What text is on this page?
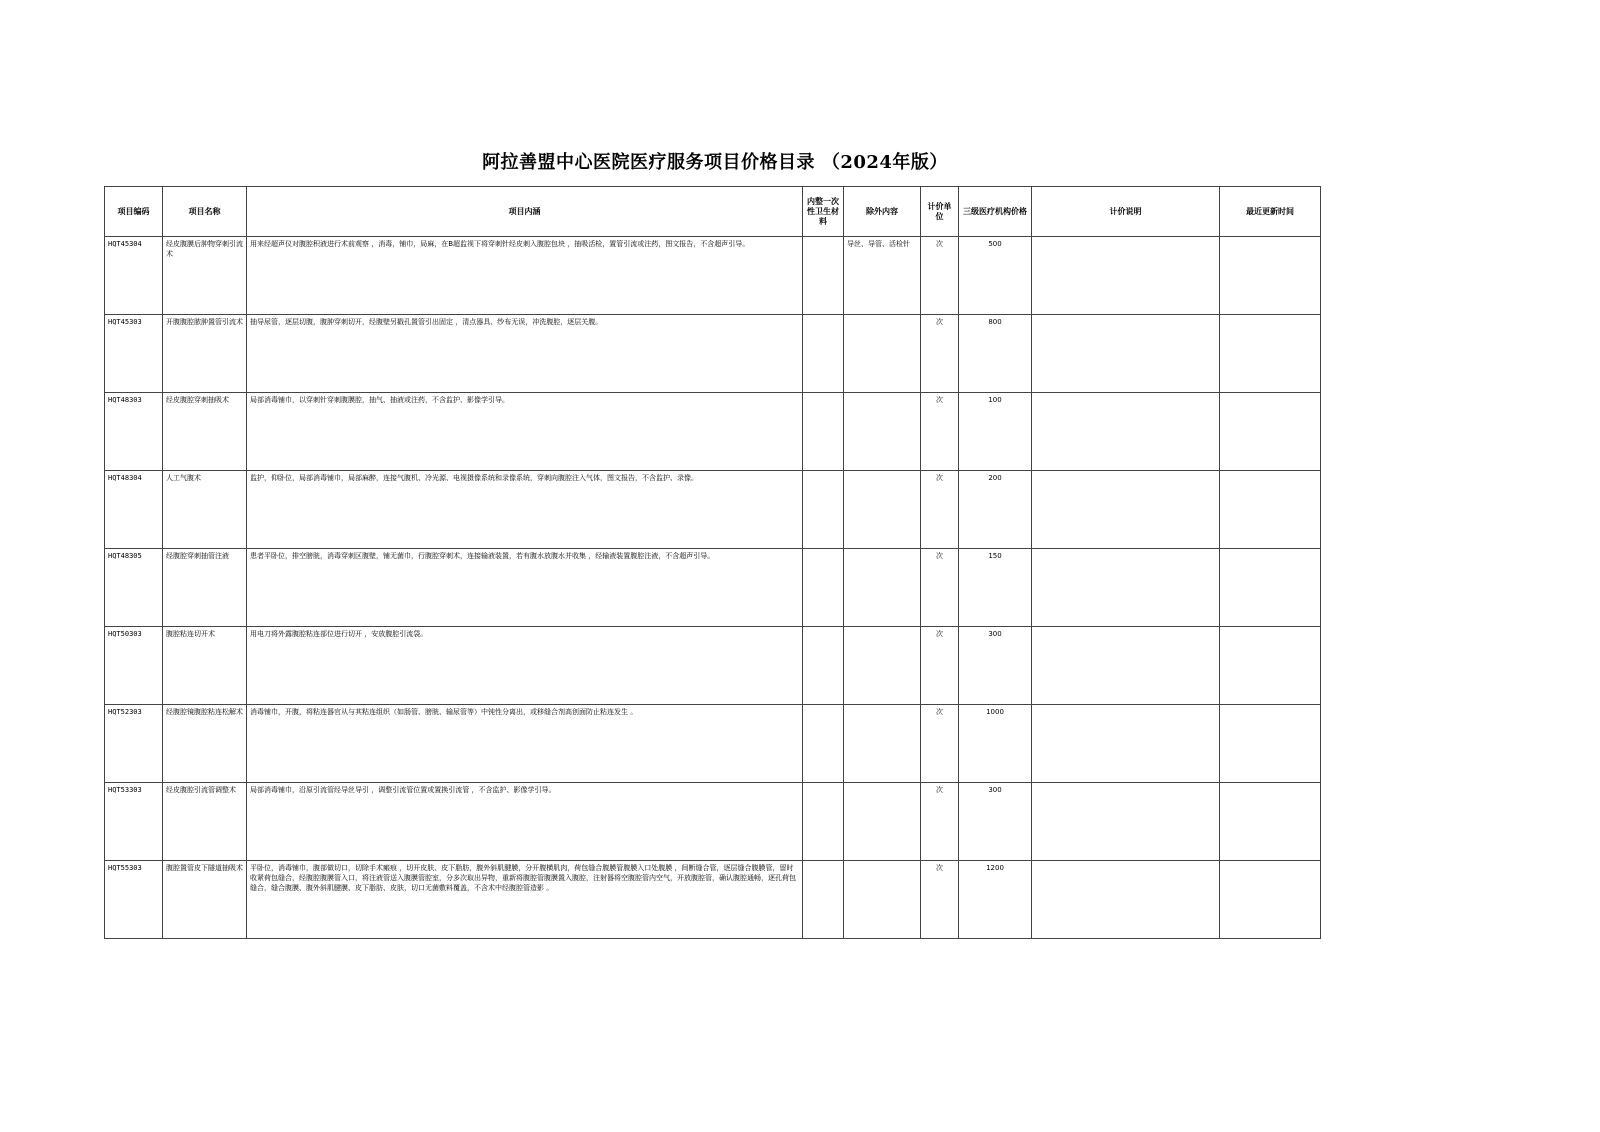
阿拉善盟中心医院医疗服务项目价格目录 （2024年版）
项目编码	项目名称	项目内涵	内整一次性卫生材料	除外内容	计价单位	三级医疗机构价格	计价说明	最近更新时间
HQT45304	经皮腹膜后肿物穿刺引流术	用来经超声仪对腹腔积液进行术前观察 ，消毒，铺巾，局麻，在B超监视下将穿刺针经皮刺入腹腔包块 ，抽吸活检，置管引流或注药，图文报告，不含超声引导。		导丝、导管、活检针	次	500		
HQT45303	开腹腹腔脓肿置管引流术	抽导尿管，逐层切腹，腹肿穿刺切开，经腹壁另戳孔置管引出固定 ，清点器具、纱布无误，冲洗腹腔，逐层关腹。			次	800		
HQT48303	经皮腹腔穿刺抽吸术	局部消毒铺巾，以穿刺针穿刺腹膜腔，抽气、抽液或注药，不含监护、影像学引导。			次	100		
HQT48304	人工气腹术	监护，仰卧位，局部消毒铺巾，局部麻醉，连接气腹机、冷光源、电视摄像系统和录像系统，穿刺向腹腔注入气体，图文报告，不含监护、录像。			次	200		
HQT48305	经腹腔穿刺抽管注液	患者平卧位，排空膀胱，消毒穿刺区腹壁，铺无菌巾，行腹腔穿刺术，连接输液装置，若有腹水放腹水并收集 ，经输液装置腹腔注液，不含超声引导。			次	150		
HQT50303	腹腔粘连切开术	用电刀将外露腹腔粘连部位进行切开 ，安放腹腔引流袋。			次	300		
HQT52303	经腹腔镜腹腔粘连松解术	消毒铺巾，开腹，将粘连器官从与其粘连组织（如肠管、膀胱、输尿管等）中钝性分离出，或移缝合剂高创面防止粘连发生 。			次	1000		
HQT53303	经皮腹腔引流管调整术	局部消毒铺巾，沿原引流管经导丝导引 ，调整引流管位置或置换引流管 ，不含监护、影像学引导。			次	300		
HQT55303	腹腔置管皮下隧道抽吸术	平卧位，消毒铺巾，腹部做切口，切除手术瘢痕 ，切开皮肤、皮下脂肪，腹外斜肌腱膜，分开腹横肌肉，荷包缝合腹膜管腹膜入口处腹膜 ，间断缝合管，逐层缝合腹膜管，留时收紧荷包缝合，经腹腔腹膜管入口，将注液管送入腹膜管腔室，分多次取出异物，重新将腹腔管腹膜置入腹腔，注射器将空腹腔管内空气，开放腹腔管，确认腹腔通畅，逐孔荷包缝合，缝合腹膜、腹外斜肌腱膜、皮下脂肪、皮肤，切口无菌敷料覆盖，不含术中经腹腔管造影 。			次	1200		
